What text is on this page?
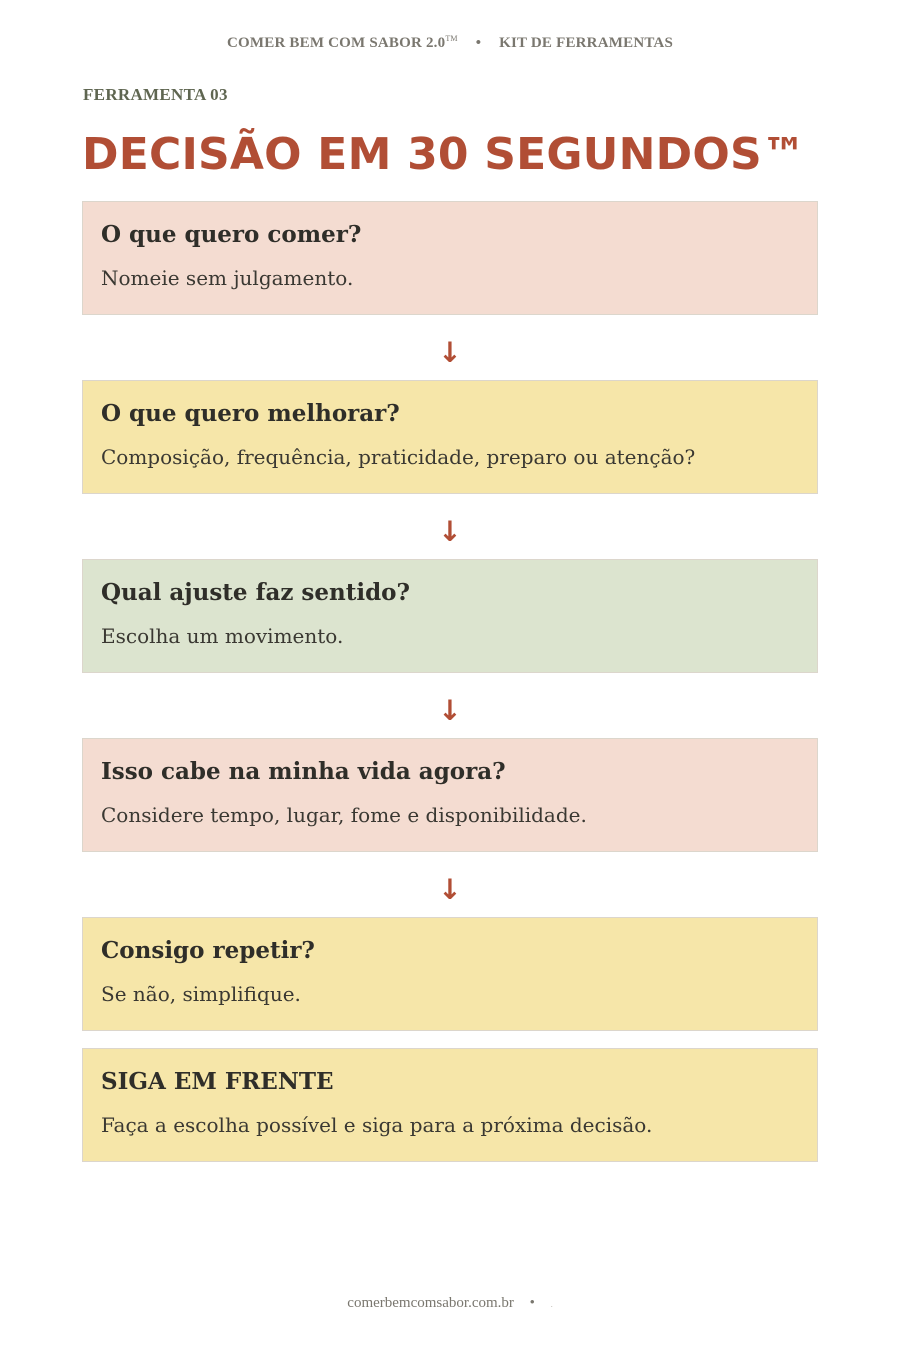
COMER BEM COM SABOR 2.0™ • KIT DE FERRAMENTAS
FERRAMENTA 03
DECISÃO EM 30 SEGUNDOS™
O que quero comer?
Nomeie sem julgamento.
↓
O que quero melhorar?
Composição, frequência, praticidade, preparo ou atenção?
↓
Qual ajuste faz sentido?
Escolha um movimento.
↓
Isso cabe na minha vida agora?
Considere tempo, lugar, fome e disponibilidade.
↓
Consigo repetir?
Se não, simplifique.
SIGA EM FRENTE
Faça a escolha possível e siga para a próxima decisão.
comerbemcomsabor.com.br • .
